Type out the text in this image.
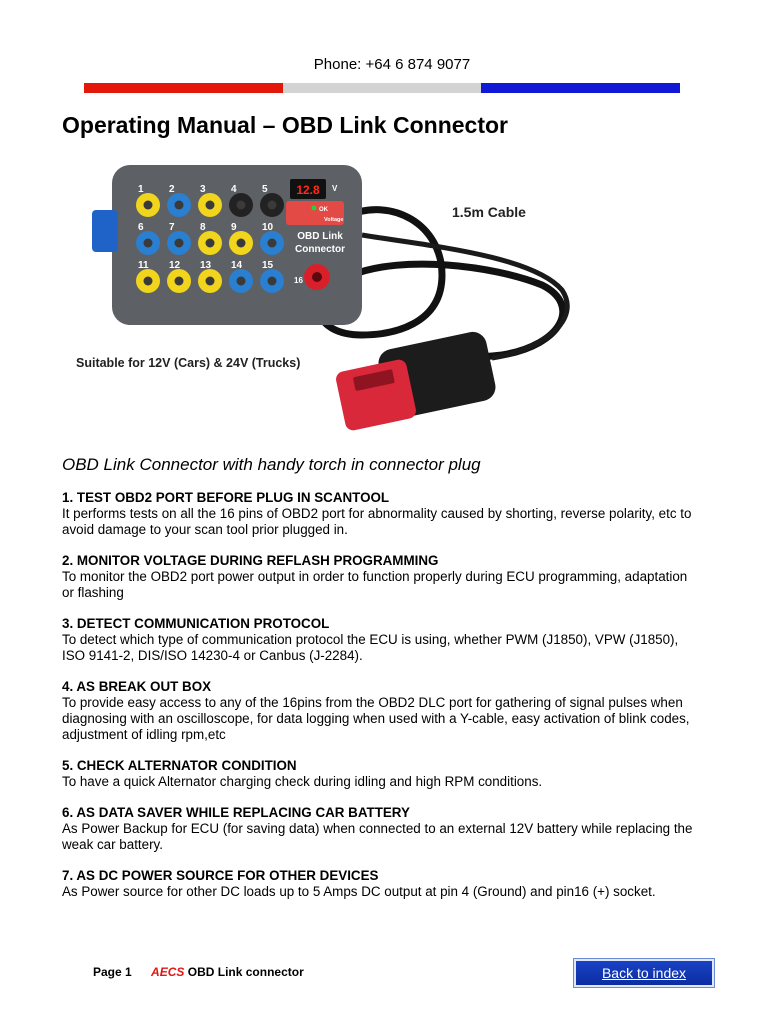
Phone: +64 6 874 9077
Operating Manual – OBD Link Connector
12.8 V
OK
Voltage
OBD Link
Connector
1	2	3	4	5
6	7	8	9	10
11 12 13 14 15
16
1.5m Cable
Suitable for 12V (Cars) & 24V (Trucks)
OBD Link Connector with handy torch in connector plug
1. TEST OBD2 PORT BEFORE PLUG IN SCANTOOL
It performs tests on all the 16 pins of OBD2 port for abnormality caused by shorting, reverse polarity, etc to avoid damage to your scan tool prior plugged in.
2. MONITOR VOLTAGE DURING REFLASH PROGRAMMING
To monitor the OBD2 port power output in order to function properly during ECU programming, adaptation or flashing
3. DETECT COMMUNICATION PROTOCOL
To detect which type of communication protocol the ECU is using, whether PWM (J1850), VPW (J1850), ISO 9141-2, DIS/ISO 14230-4 or Canbus (J-2284).
4. AS BREAK OUT BOX
To provide easy access to any of the 16pins from the OBD2 DLC port for gathering of signal pulses when diagnosing with an oscilloscope, for data logging when used with a Y-cable, easy activation of blink codes, adjustment of idling rpm,etc
5. CHECK ALTERNATOR CONDITION
To have a quick Alternator charging check during idling and high RPM conditions.
6. AS DATA SAVER WHILE REPLACING CAR BATTERY
As Power Backup for ECU (for saving data) when connected to an external 12V battery while replacing the weak car battery.
7. AS DC POWER SOURCE FOR OTHER DEVICES
As Power source for other DC loads up to 5 Amps DC output at pin 4 (Ground) and pin16 (+) socket.
Page 1 AECS OBD Link connector	Back to index
